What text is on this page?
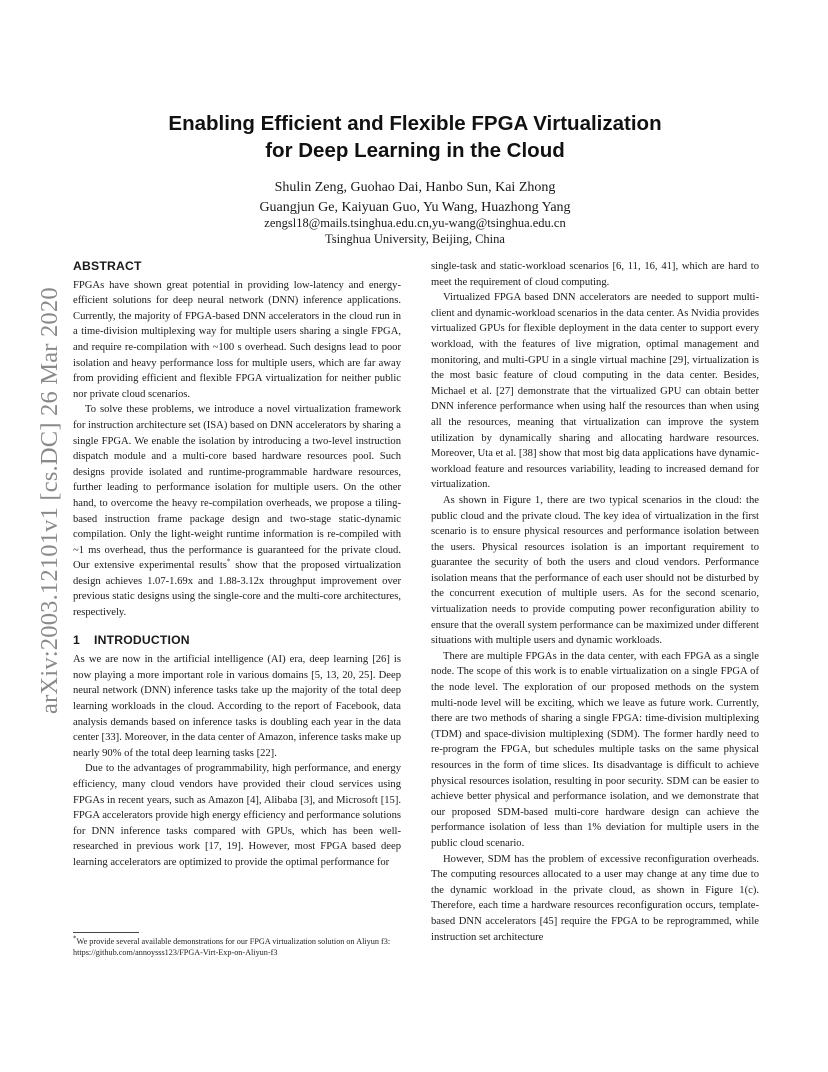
arXiv:2003.12101v1 [cs.DC] 26 Mar 2020
Enabling Efficient and Flexible FPGA Virtualization
for Deep Learning in the Cloud
Shulin Zeng, Guohao Dai, Hanbo Sun, Kai Zhong
Guangjun Ge, Kaiyuan Guo, Yu Wang, Huazhong Yang
zengsl18@mails.tsinghua.edu.cn,yu-wang@tsinghua.edu.cn
Tsinghua University, Beijing, China
ABSTRACT

FPGAs have shown great potential in providing low-latency and energy-efficient solutions for deep neural network (DNN) inference applications. Currently, the majority of FPGA-based DNN accelerators in the cloud run in a time-division multiplexing way for multiple users sharing a single FPGA, and require re-compilation with ~100 s overhead. Such designs lead to poor isolation and heavy performance loss for multiple users, which are far away from providing efficient and flexible FPGA virtualization for neither public nor private cloud scenarios.

To solve these problems, we introduce a novel virtualization framework for instruction architecture set (ISA) based on DNN accelerators by sharing a single FPGA. We enable the isolation by introducing a two-level instruction dispatch module and a multi-core based hardware resources pool. Such designs provide isolated and runtime-programmable hardware resources, further leading to performance isolation for multiple users. On the other hand, to overcome the heavy re-compilation overheads, we propose a tiling-based instruction frame package design and two-stage static-dynamic compilation. Only the light-weight runtime information is re-compiled with ~1 ms overhead, thus the performance is guaranteed for the private cloud. Our extensive experimental results* show that the proposed virtualization design achieves 1.07-1.69x and 1.88-3.12x throughput improvement over previous static designs using the single-core and the multi-core architectures, respectively.

1 INTRODUCTION

As we are now in the artificial intelligence (AI) era, deep learning [26] is now playing a more important role in various domains [5, 13, 20, 25]. Deep neural network (DNN) inference tasks take up the majority of the total deep learning workloads in the cloud. According to the report of Facebook, data analysis demands based on inference tasks is doubling each year in the data center [33]. Moreover, in the data center of Amazon, inference tasks make up nearly 90% of the total deep learning tasks [22].

Due to the advantages of programmability, high performance, and energy efficiency, many cloud vendors have provided their cloud services using FPGAs in recent years, such as Amazon [4], Alibaba [3], and Microsoft [15]. FPGA accelerators provide high energy efficiency and performance solutions for DNN inference tasks compared with GPUs, which has been well-researched in previous work [17, 19]. However, most FPGA based deep learning accelerators are optimized to provide the optimal performance for

single-task and static-workload scenarios [6, 11, 16, 41], which are hard to meet the requirement of cloud computing.

Virtualized FPGA based DNN accelerators are needed to support multi-client and dynamic-workload scenarios in the data center. As Nvidia provides virtualized GPUs for flexible deployment in the data center to support every workload, with the features of live migration, optimal management and monitoring, and multi-GPU in a single virtual machine [29], virtualization is the most basic feature of cloud computing in the data center. Besides, Michael et al. [27] demonstrate that the virtualized GPU can obtain better DNN inference performance when using half the resources than when using all the resources, meaning that virtualization can improve the system utilization by dynamically sharing and allocating hardware resources. Moreover, Uta et al. [38] show that most big data applications have dynamic-workload feature and resources variability, leading to increased demand for virtualization.

As shown in Figure 1, there are two typical scenarios in the cloud: the public cloud and the private cloud. The key idea of virtualization in the first scenario is to ensure physical resources and performance isolation between the users. Physical resources isolation is an important requirement to guarantee the security of both the users and cloud vendors. Performance isolation means that the performance of each user should not be disturbed by the concurrent execution of multiple users. As for the second scenario, virtualization needs to provide computing power reconfiguration ability to ensure that the overall system performance can be maximized under different situations with multiple users and dynamic workloads.

There are multiple FPGAs in the data center, with each FPGA as a single node. The scope of this work is to enable virtualization on a single FPGA of the node level. The exploration of our proposed methods on the system multi-node level will be exciting, which we leave as future work. Currently, there are two methods of sharing a single FPGA: time-division multiplexing (TDM) and space-division multiplexing (SDM). The former hardly need to re-program the FPGA, but schedules multiple tasks on the same physical resources in the form of time slices. Its disadvantage is difficult to achieve physical resources isolation, resulting in poor security. SDM can be easier to achieve better physical and performance isolation, and we demonstrate that our proposed SDM-based multi-core hardware design can achieve the performance isolation of less than 1% deviation for multiple users in the public cloud scenario.

However, SDM has the problem of excessive reconfiguration overheads. The computing resources allocated to a user may change at any time due to the dynamic workload in the private cloud, as shown in Figure 1(c). Therefore, each time a hardware resources reconfiguration occurs, template-based DNN accelerators [45] require the FPGA to be reprogrammed, while instruction set architecture

*We provide several available demonstrations for our FPGA virtualization solution on Aliyun f3: https://github.com/annoysss123/FPGA-Virt-Exp-on-Aliyun-f3
